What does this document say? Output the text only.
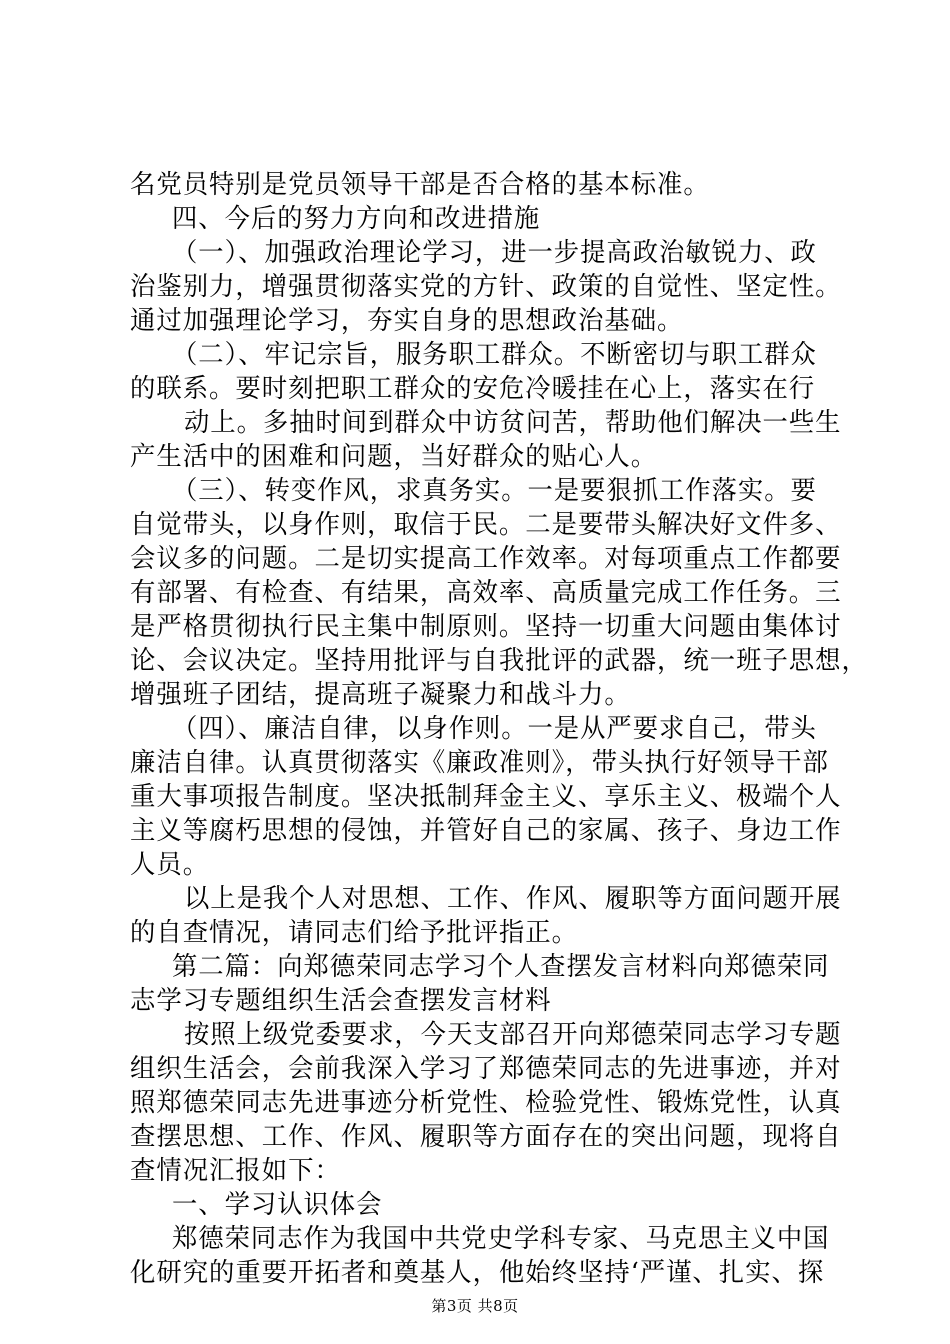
名党员特别是党员领导干部是否合格的基本标准。
四、今后的努力方向和改进措施
（一）、加强政治理论学习，进一步提高政治敏锐力、政
治鉴别力，增强贯彻落实党的方针、政策的自觉性、坚定性。
通过加强理论学习，夯实自身的思想政治基础。
（二）、牢记宗旨，服务职工群众。不断密切与职工群众
的联系。要时刻把职工群众的安危冷暖挂在心上，落实在行
动上。多抽时间到群众中访贫问苦，帮助他们解决一些生
产生活中的困难和问题，当好群众的贴心人。
（三）、转变作风，求真务实。一是要狠抓工作落实。要
自觉带头，以身作则，取信于民。二是要带头解决好文件多、
会议多的问题。二是切实提高工作效率。对每项重点工作都要
有部署、有检查、有结果，高效率、高质量完成工作任务。三
是严格贯彻执行民主集中制原则。坚持一切重大问题由集体讨
论、会议决定。坚持用批评与自我批评的武器，统一班子思想，
增强班子团结，提高班子凝聚力和战斗力。
（四）、廉洁自律，以身作则。一是从严要求自己，带头
廉洁自律。认真贯彻落实《廉政准则》，带头执行好领导干部
重大事项报告制度。坚决抵制拜金主义、享乐主义、极端个人
主义等腐朽思想的侵蚀，并管好自己的家属、孩子、身边工作
人员。
以上是我个人对思想、工作、作风、履职等方面问题开展
的自查情况，请同志们给予批评指正。
第二篇：向郑德荣同志学习个人查摆发言材料向郑德荣同
志学习专题组织生活会查摆发言材料
按照上级党委要求，今天支部召开向郑德荣同志学习专题
组织生活会，会前我深入学习了郑德荣同志的先进事迹，并对
照郑德荣同志先进事迹分析党性、检验党性、锻炼党性，认真
查摆思想、工作、作风、履职等方面存在的突出问题，现将自
查情况汇报如下：
一、学习认识体会
郑德荣同志作为我国中共党史学科专家、马克思主义中国
化研究的重要开拓者和奠基人，他始终坚持‘严谨、扎实、探
第3页 共8页
